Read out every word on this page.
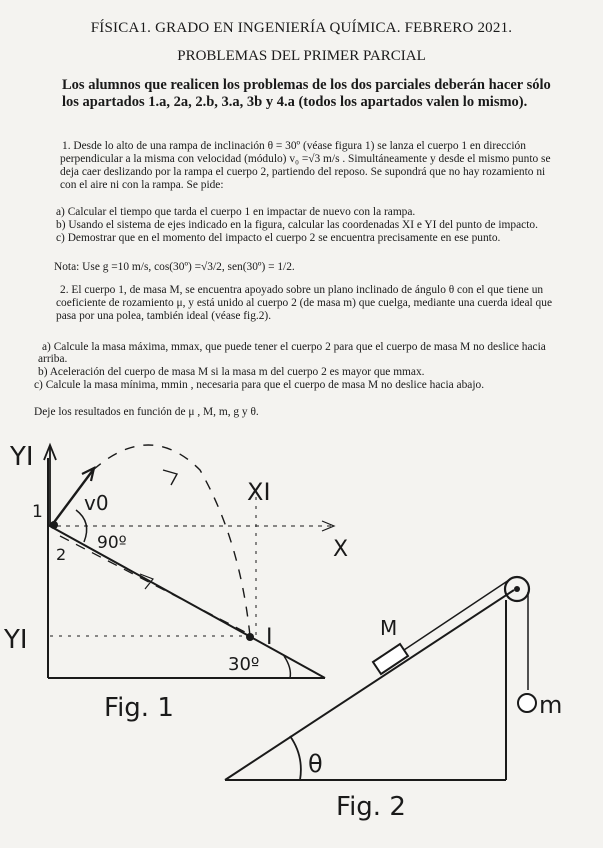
FÍSICA1. GRADO EN INGENIERÍA QUÍMICA. FEBRERO 2021.
PROBLEMAS DEL PRIMER PARCIAL
Los alumnos que realicen los problemas de los dos parciales deberán hacer sólo los apartados 1.a, 2a, 2.b, 3.a, 3b y 4.a (todos los apartados valen lo mismo).
1. Desde lo alto de una rampa de inclinación θ = 30º (véase figura 1) se lanza el cuerpo 1 en dirección
perpendicular a la misma con velocidad (módulo) v₀ =√3 m/s . Simultáneamente y desde el mismo punto se
deja caer deslizando por la rampa el cuerpo 2, partiendo del reposo. Se supondrá que no hay rozamiento ni
con el aire ni con la rampa. Se pide:
a) Calcular el tiempo que tarda el cuerpo 1 en impactar de nuevo con la rampa.
b) Usando el sistema de ejes indicado en la figura, calcular las coordenadas XI e YI del punto de impacto.
c) Demostrar que en el momento del impacto el cuerpo 2 se encuentra precisamente en ese punto.
Nota: Use g =10 m/s, cos(30º) =√3/2, sen(30º) = 1/2.
2. El cuerpo 1, de masa M, se encuentra apoyado sobre un plano inclinado de ángulo θ con el que tiene un
coeficiente de rozamiento μ, y está unido al cuerpo 2 (de masa m) que cuelga, mediante una cuerda ideal que
pasa por una polea, también ideal (véase fig.2).
a) Calcule la masa máxima, mmax, que puede tener el cuerpo 2 para que el cuerpo de masa M no deslice hacia
arriba.
b) Aceleración del cuerpo de masa M si la masa m del cuerpo 2 es mayor que mmax.
c) Calcule la masa mínima, mmin , necesaria para que el cuerpo de masa M no deslice hacia abajo.
Deje los resultados en función de μ , M, m, g y θ.
YI
1
2
v0
90º
XI
X
YI	I
30º
Fig. 1
M
m
θ
Fig. 2
